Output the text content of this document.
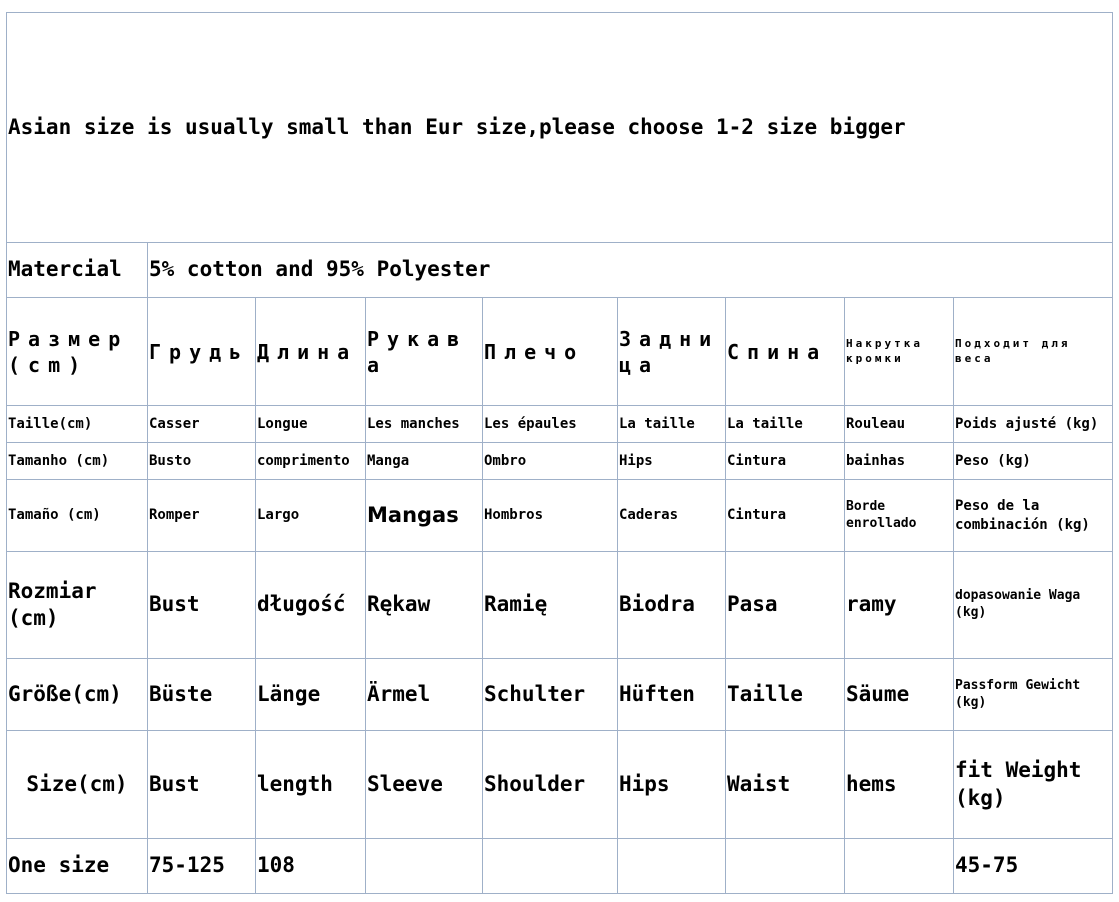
Asian size is usually small than Eur size,please choose 1-2 size bigger								
Matercial	5% cotton and 95% Polyester							
Размер (cm)	Грудь	Длина	Рукава	Плечо	Задница	Спина	Накрутка кромки	Подходит для веса
Taille(cm)	Casser	Longue	Les manches	Les épaules	La taille	La taille	Rouleau	Poids ajusté (kg)
Tamanho (cm)	Busto	comprimento	Manga	Ombro	Hips	Cintura	bainhas	Peso (kg)
Tamaño (cm)	Romper	Largo	Mangas	Hombros	Caderas	Cintura	Borde enrollado	Peso de la combinación (kg)
Rozmiar (cm)	Bust	długość	Rękaw	Ramię	Biodra	Pasa	ramy	dopasowanie Waga (kg)
Größe(cm)	Büste	Länge	Ärmel	Schulter	Hüften	Taille	Säume	Passform Gewicht (kg)
Size(cm)	Bust	length	Sleeve	Shoulder	Hips	Waist	hems	fit Weight (kg)
One size	75-125	108						45-75
